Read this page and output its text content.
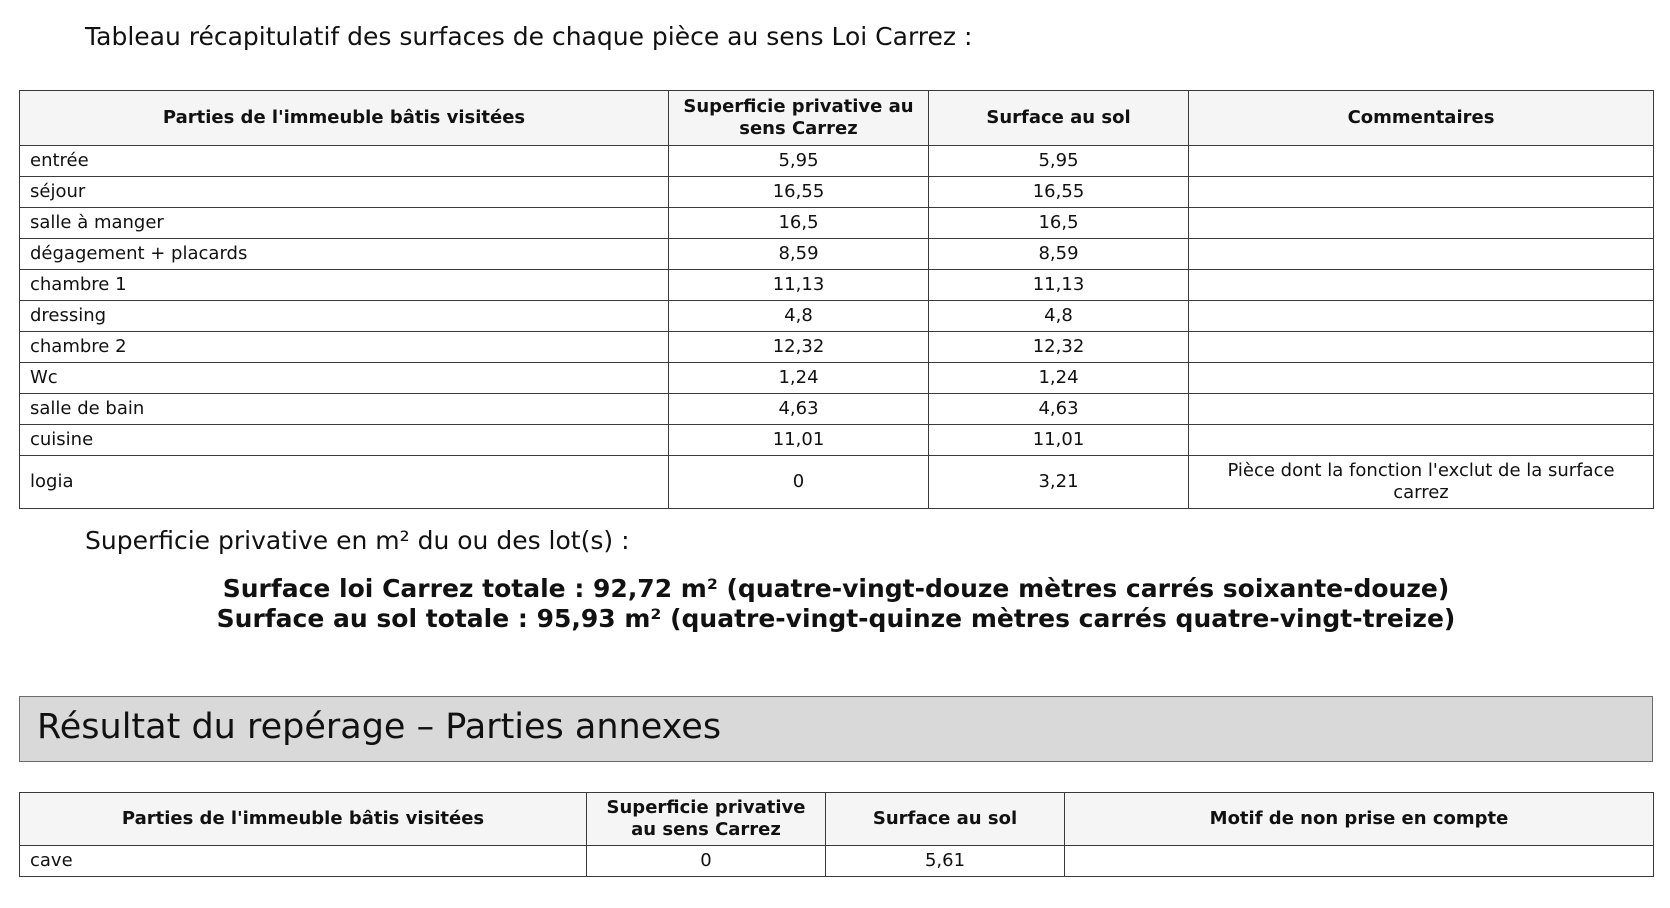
Tableau récapitulatif des surfaces de chaque pièce au sens Loi Carrez :
Parties de l'immeuble bâtis visitées	Superficie privative au sens Carrez	Surface au sol	Commentaires
entrée	5,95	5,95	
séjour	16,55	16,55	
salle à manger	16,5	16,5	
dégagement + placards	8,59	8,59	
chambre 1	11,13	11,13	
dressing	4,8	4,8	
chambre 2	12,32	12,32	
Wc	1,24	1,24	
salle de bain	4,63	4,63	
cuisine	11,01	11,01	
logia	0	3,21	Pièce dont la fonction l'exclut de la surface carrez
Superficie privative en m² du ou des lot(s) :
Surface loi Carrez totale : 92,72 m² (quatre-vingt-douze mètres carrés soixante-douze)
Surface au sol totale : 95,93 m² (quatre-vingt-quinze mètres carrés quatre-vingt-treize)
Résultat du repérage – Parties annexes
Parties de l'immeuble bâtis visitées	Superficie privative au sens Carrez	Surface au sol	Motif de non prise en compte
cave	0	5,61	
